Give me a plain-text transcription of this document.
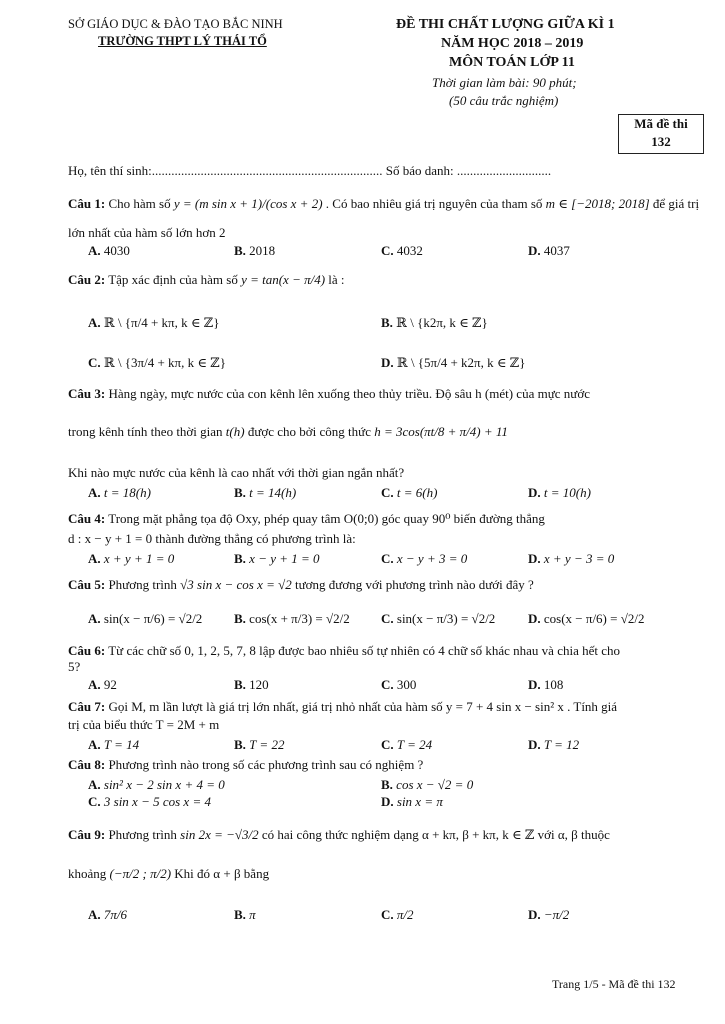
SỞ GIÁO DỤC & ĐÀO TẠO BẮC NINH
TRƯỜNG THPT LÝ THÁI TỔ
ĐỀ THI CHẤT LƯỢNG GIỮA KÌ 1
NĂM HỌC 2018 – 2019
MÔN TOÁN LỚP 11
Thời gian làm bài: 90 phút;
(50 câu trắc nghiệm)
Mã đề thi
132
Họ, tên thí sinh:....................................................................... Số báo danh: .............................
Câu 1: Cho hàm số y = (m sin x + 1)/(cos x + 2) . Có bao nhiêu giá trị nguyên của tham số m ∈ [−2018; 2018] để giá trị
lớn nhất của hàm số lớn hơn 2
A. 4030	B. 2018	C. 4032	D. 4037
Câu 2: Tập xác định của hàm số y = tan(x − π/4) là :
A. ℝ \ {π/4 + kπ, k ∈ ℤ}	B. ℝ \ {k2π, k ∈ ℤ}
C. ℝ \ {3π/4 + kπ, k ∈ ℤ}	D. ℝ \ {5π/4 + k2π, k ∈ ℤ}
Câu 3: Hàng ngày, mực nước của con kênh lên xuống theo thủy triều. Độ sâu h (mét) của mực nước
trong kênh tính theo thời gian t(h) được cho bởi công thức h = 3cos(πt/8 + π/4) + 11
Khi nào mực nước của kênh là cao nhất với thời gian ngắn nhất?
A. t = 18(h)	B. t = 14(h)	C. t = 6(h)	D. t = 10(h)
Câu 4: Trong mặt phẳng tọa độ Oxy, phép quay tâm O(0;0) góc quay 90⁰ biến đường thẳng
d : x − y + 1 = 0 thành đường thẳng có phương trình là:
A. x + y + 1 = 0	B. x − y + 1 = 0	C. x − y + 3 = 0	D. x + y − 3 = 0
Câu 5: Phương trình √3 sin x − cos x = √2 tương đương với phương trình nào dưới đây ?
A. sin(x − π/6) = √2/2 B. cos(x + π/3) = √2/2 C. sin(x − π/3) = √2/2	D. cos(x − π/6) = √2/2
Câu 6: Từ các chữ số 0, 1, 2, 5, 7, 8 lập được bao nhiêu số tự nhiên có 4 chữ số khác nhau và chia hết cho
5?
A. 92	B. 120	C. 300	D. 108
Câu 7: Gọi M, m lần lượt là giá trị lớn nhất, giá trị nhỏ nhất của hàm số y = 7 + 4 sin x − sin² x . Tính giá
trị của biểu thức T = 2M + m
A. T = 14	B. T = 22	C. T = 24	D. T = 12
Câu 8: Phương trình nào trong số các phương trình sau có nghiệm ?
A. sin² x − 2 sin x + 4 = 0	B. cos x − √2 = 0
C. 3 sin x − 5 cos x = 4	D. sin x = π
Câu 9: Phương trình sin 2x = −√3/2 có hai công thức nghiệm dạng α + kπ, β + kπ, k ∈ ℤ với α, β thuộc
khoảng (−π/2 ; π/2) Khi đó α + β bằng
A. 7π/6	B. π	C. π/2	D. −π/2
Trang 1/5 - Mã đề thi 132
